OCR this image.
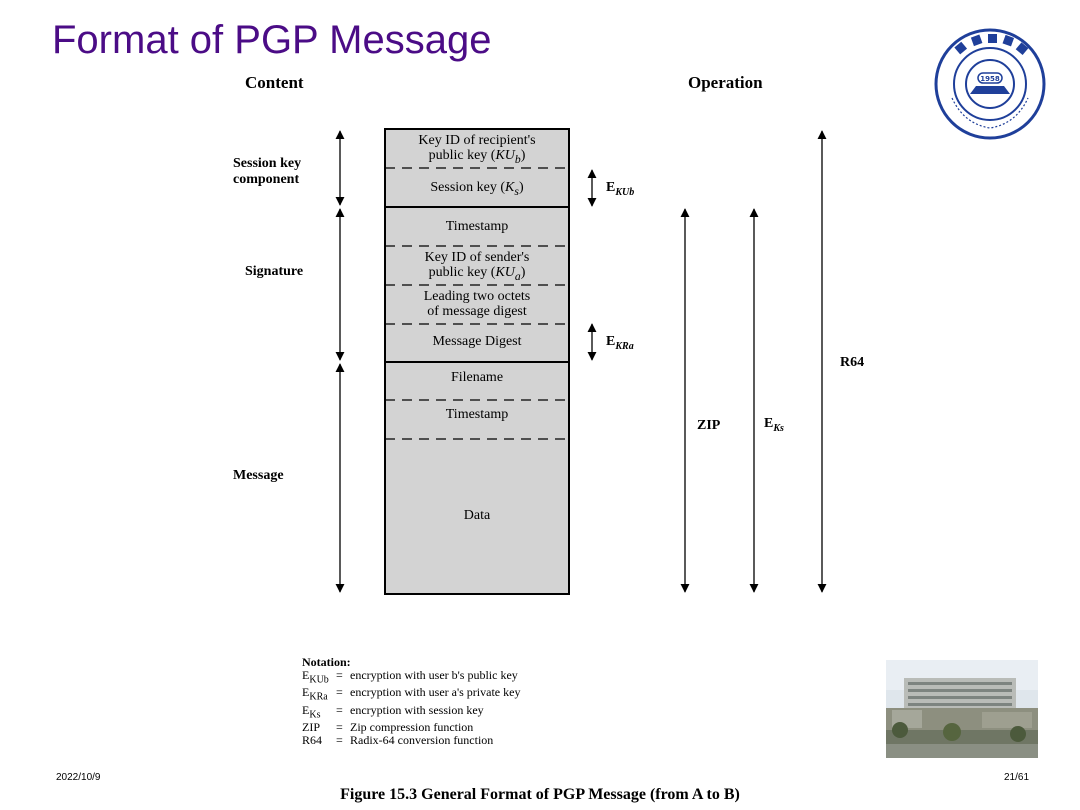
Format of PGP Message
1958
Content	Operation
Session key component
Signature
Message
Key ID of recipient's
public key $(KU_b)$
Session key $(K_s)$
Timestamp
Key ID of sender's
public key $(KU_a)$
Leading two octets
of message digest
Message Digest
Filename
Timestamp
Data
$E_{KUb}$
$E_{KRa}$
ZIP	$E_{Ks}$
R64
Notation:
$E_{KUb}$ = encryption with user b's public key
$E_{KRa}$ = encryption with user a's private key
$E_{Ks}$	= encryption with session key
ZIP	= Zip compression function
R64	= Radix-64 conversion function
2022/10/9	21/61
Figure 15.3 General Format of PGP Message (from A to B)
